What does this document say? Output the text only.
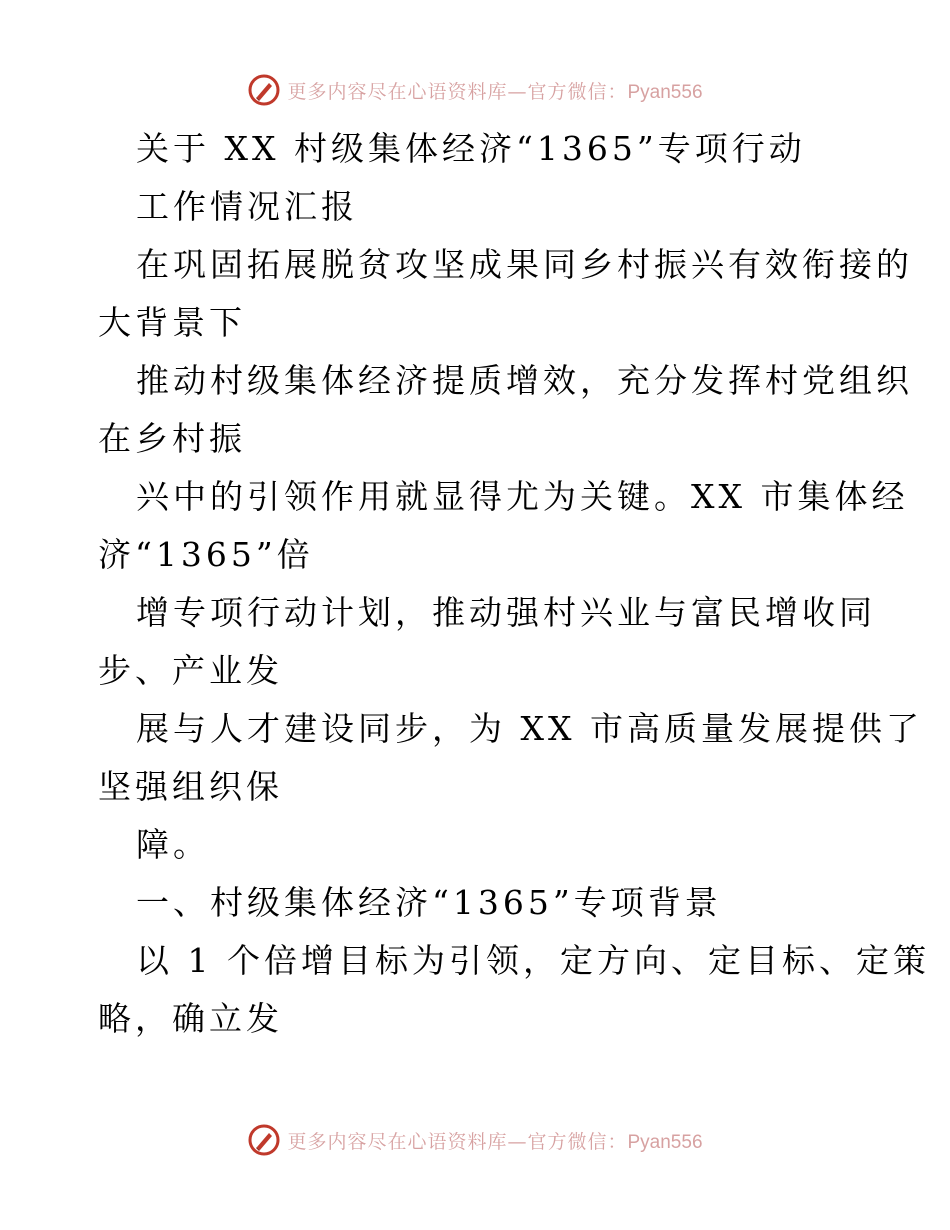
更多内容尽在心语资料库—官方微信：Pyan556
关于 XX 村级集体经济“1365”专项行动
工作情况汇报
在巩固拓展脱贫攻坚成果同乡村振兴有效衔接的
大背景下
推动村级集体经济提质增效，充分发挥村党组织
在乡村振
兴中的引领作用就显得尤为关键。XX 市集体经
济“1365”倍
增专项行动计划，推动强村兴业与富民增收同
步、产业发
展与人才建设同步，为 XX 市高质量发展提供了
坚强组织保
障。
一、村级集体经济“1365”专项背景
以 1 个倍增目标为引领，定方向、定目标、定策
略，确立发
更多内容尽在心语资料库—官方微信：Pyan556
